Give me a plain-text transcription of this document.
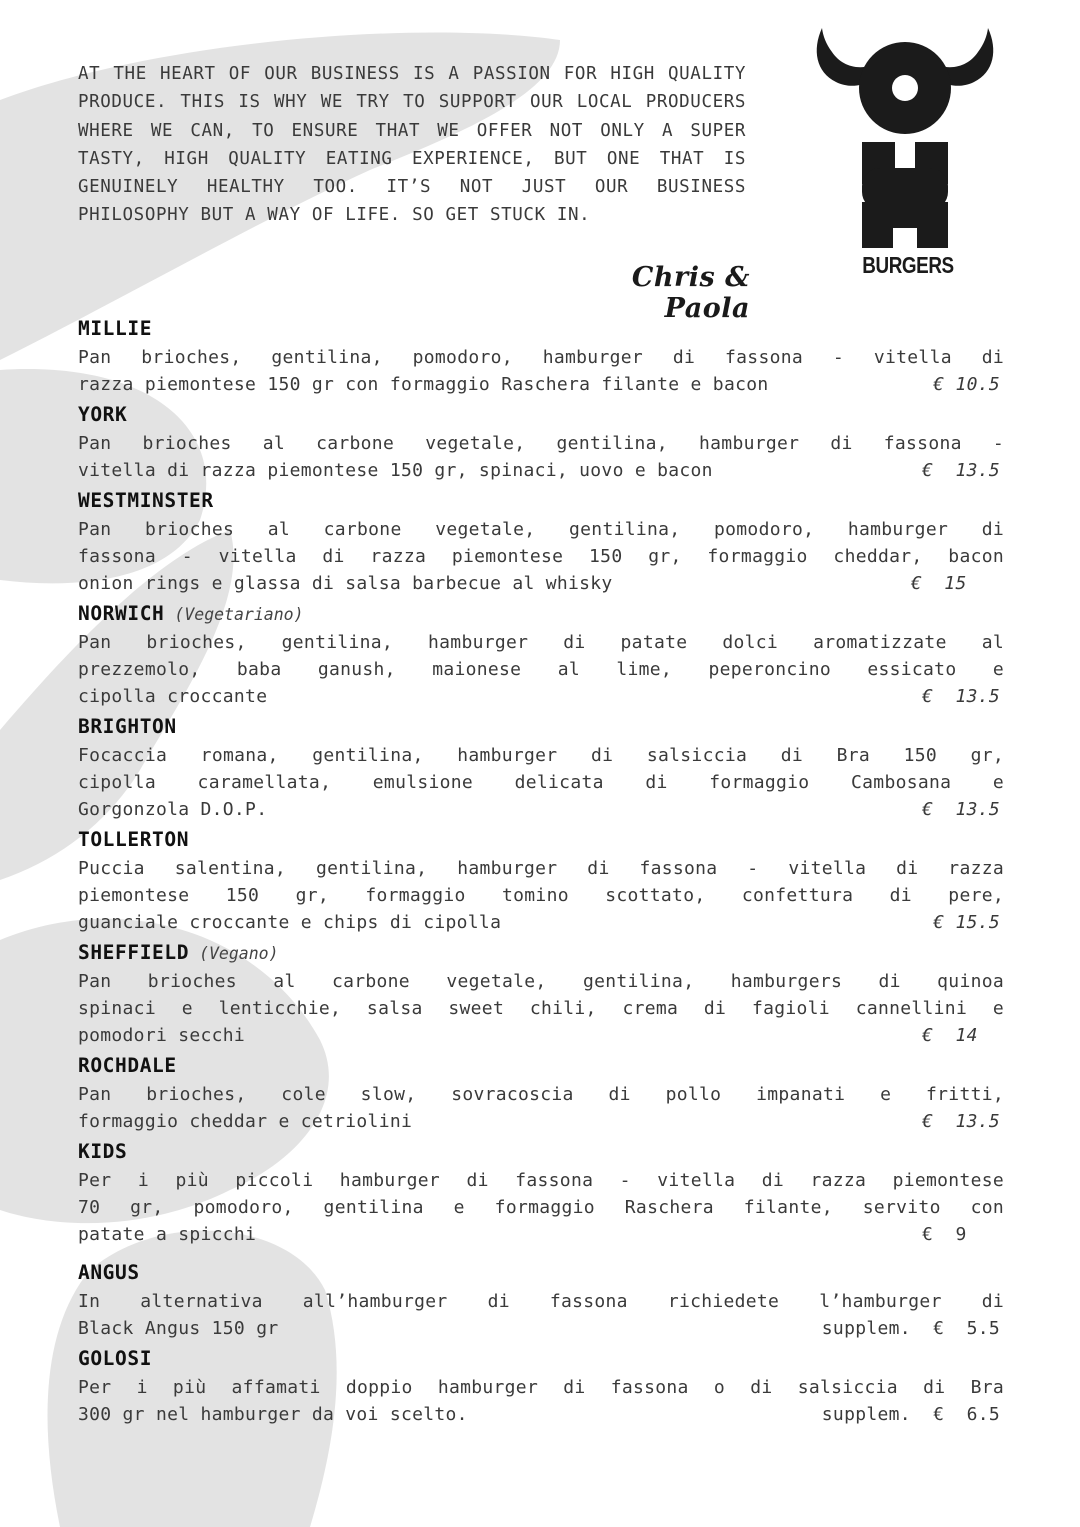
AT THE HEART OF OUR BUSINESS IS A PASSION FOR HIGH QUALITY PRODUCE. THIS IS WHY WE TRY TO SUPPORT OUR LOCAL PRODUCERS WHERE WE CAN, TO ENSURE THAT WE OFFER NOT ONLY A SUPER TASTY, HIGH QUALITY EATING EXPERIENCE, BUT ONE THAT IS GENUINELY HEALTHY TOO. IT’S NOT JUST OUR BUSINESS PHILOSOPHY BUT A WAY OF LIFE. SO GET STUCK IN.

Chris & Paola
BURGERS
MILLIE
Pan brioches, gentilina, pomodoro, hamburger di fassona - vitella di
razza piemontese 150 gr con formaggio Raschera filante e bacon	€ 10.5
YORK
Pan brioches al carbone vegetale, gentilina, hamburger di fassona -
vitella di razza piemontese 150 gr, spinaci, uovo e bacon	€  13.5
WESTMINSTER
Pan brioches al carbone vegetale, gentilina, pomodoro, hamburger di
fassona - vitella di razza piemontese 150 gr, formaggio cheddar, bacon
onion rings e glassa di salsa barbecue al whisky	€  15
NORWICH (Vegetariano)
Pan brioches, gentilina, hamburger di patate dolci aromatizzate al
prezzemolo, baba ganush, maionese al lime, peperoncino essicato e
cipolla croccante	€  13.5
BRIGHTON
Focaccia romana, gentilina, hamburger di salsiccia di Bra 150 gr,
cipolla caramellata, emulsione delicata di formaggio Cambosana e
Gorgonzola D.O.P.	€  13.5
TOLLERTON
Puccia salentina, gentilina, hamburger di fassona - vitella di razza
piemontese 150 gr, formaggio tomino scottato, confettura di pere,
guanciale croccante e chips di cipolla	€ 15.5
SHEFFIELD (Vegano)
Pan brioches al carbone vegetale, gentilina, hamburgers di quinoa
spinaci e lenticchie, salsa sweet chili, crema di fagioli cannellini e
pomodori secchi	€  14
ROCHDALE
Pan brioches, cole slow, sovracoscia di pollo impanati e fritti,
formaggio cheddar e cetriolini	€  13.5
KIDS
Per i più piccoli hamburger di fassona - vitella di razza piemontese
70 gr, pomodoro, gentilina e formaggio Raschera filante, servito con
patate a spicchi	€  9
ANGUS
In alternativa all’hamburger di fassona richiedete l’hamburger di
Black Angus 150 gr	supplem.  €  5.5
GOLOSI
Per i più affamati doppio hamburger di fassona o di salsiccia di Bra
300 gr nel hamburger da voi scelto.	supplem.  €  6.5
